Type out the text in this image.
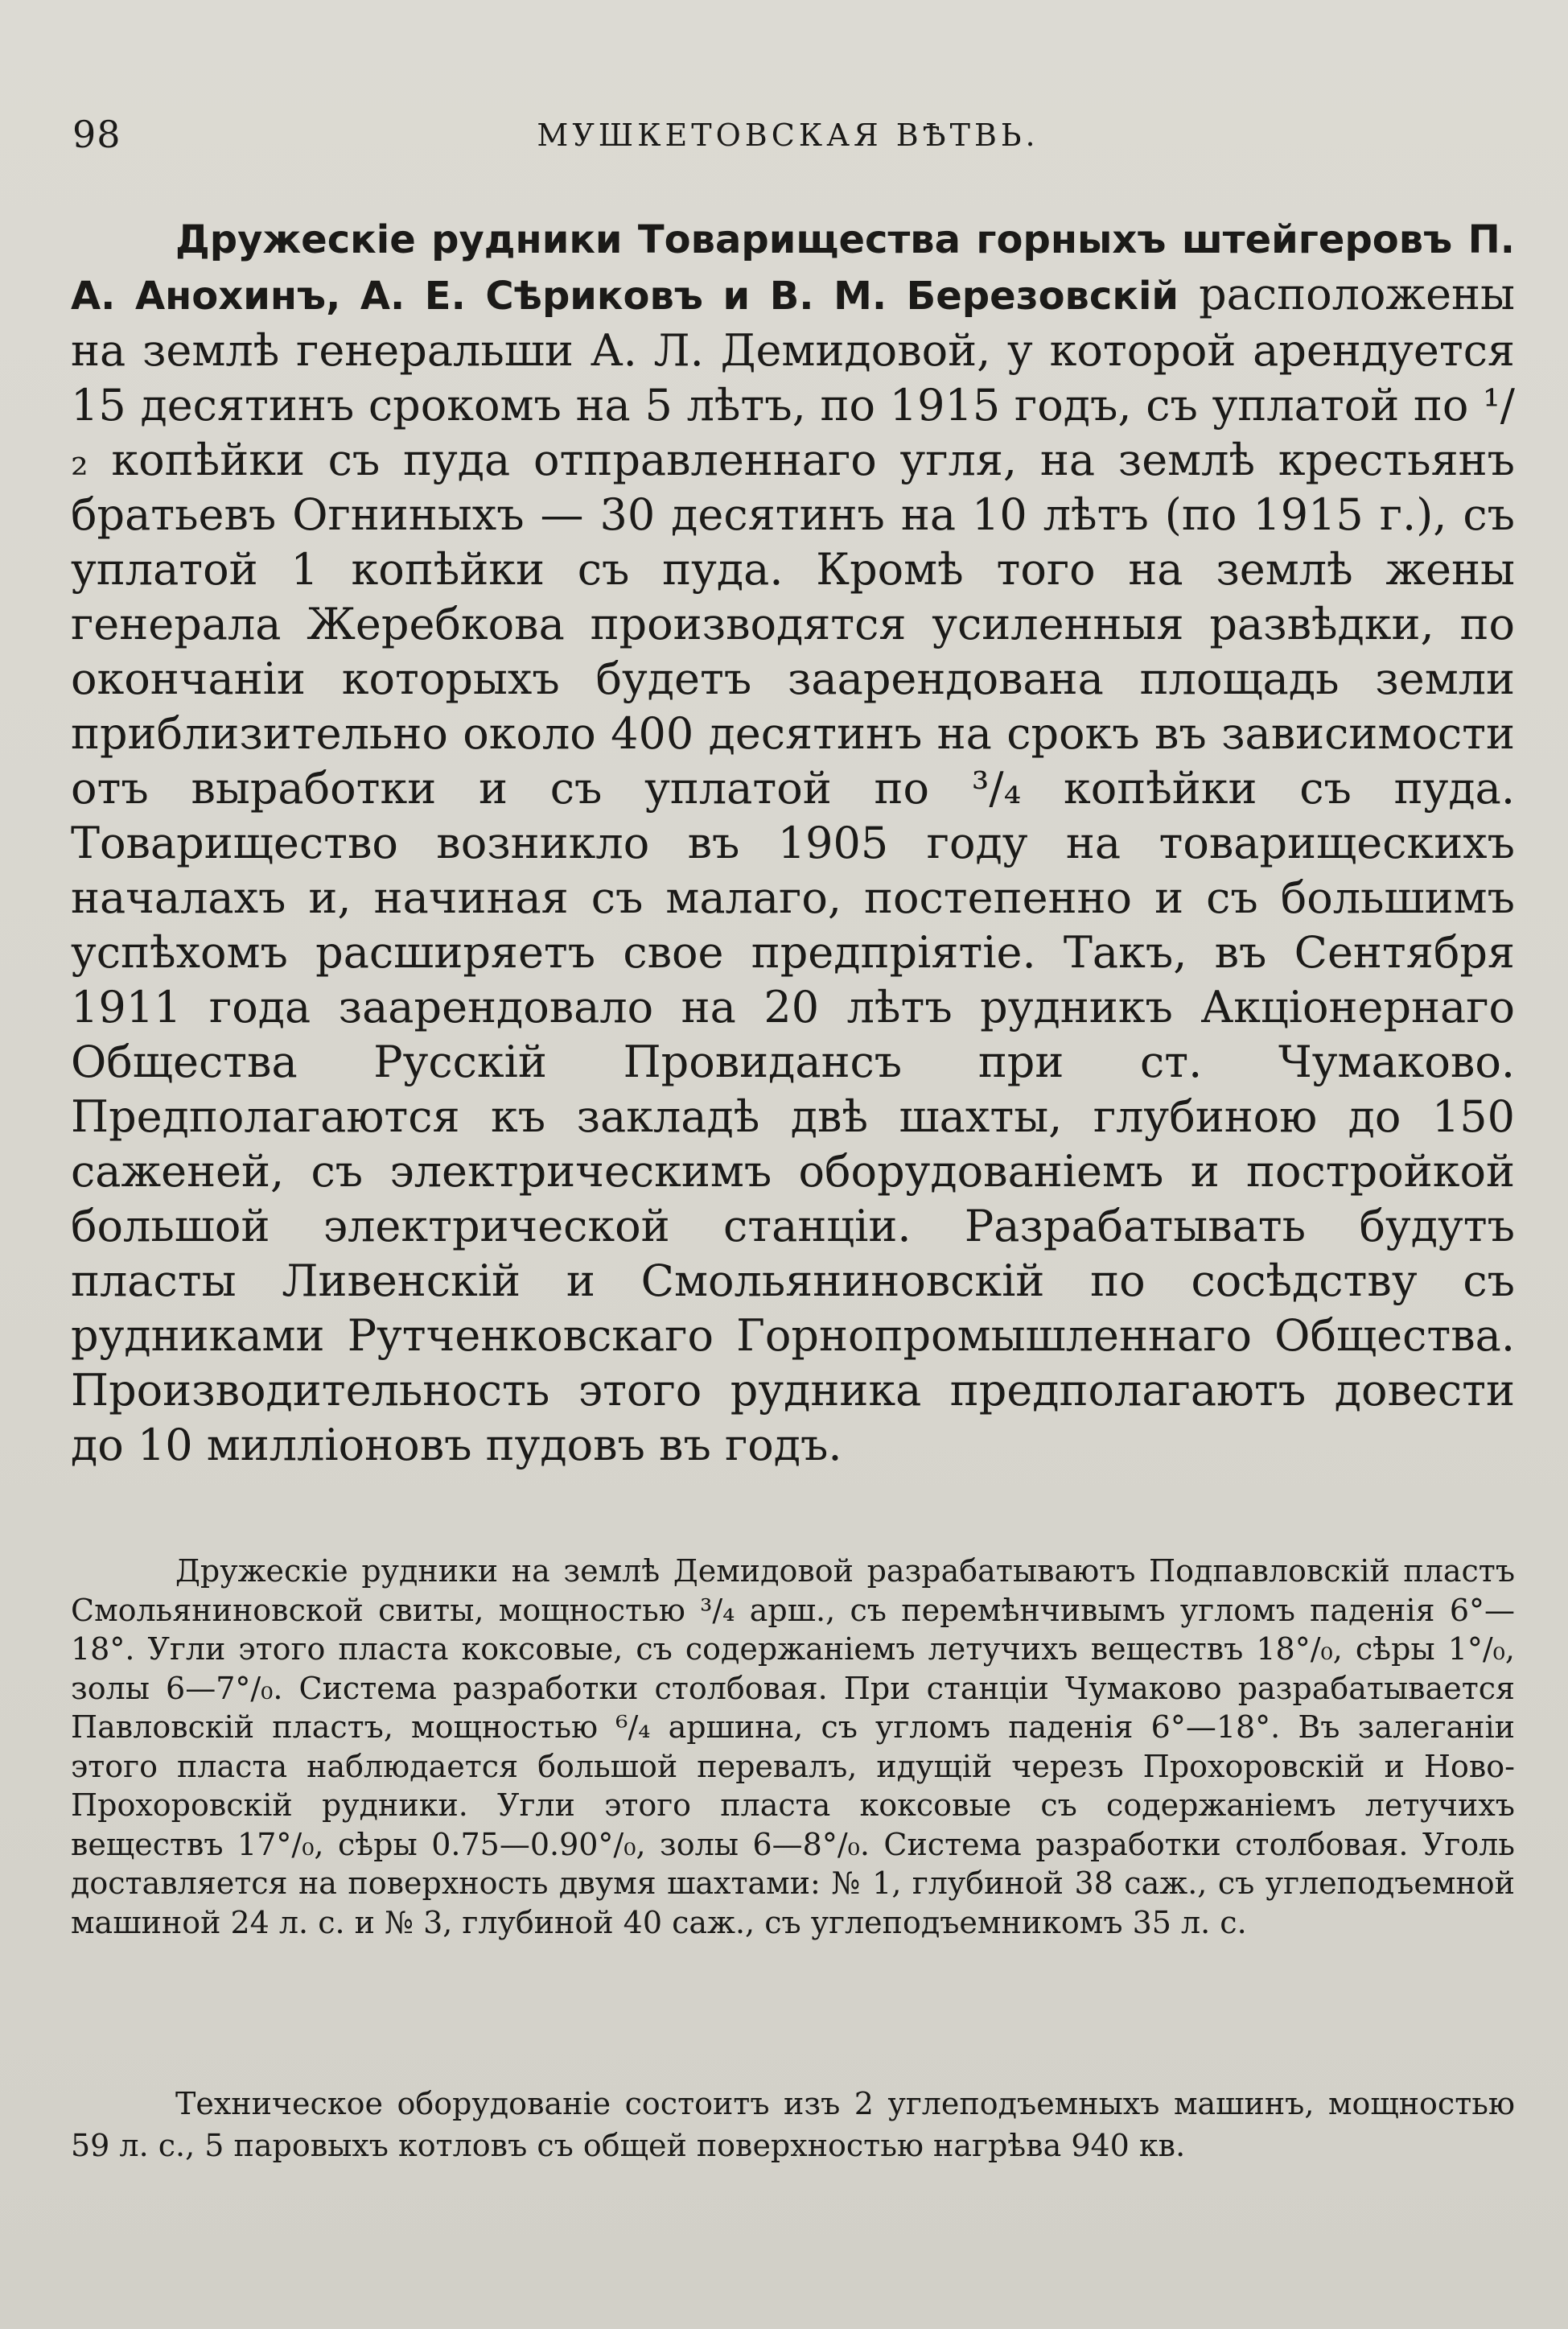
98	МУШКЕТОВСКАЯ ВѢТВЬ.

Дружескiе рудники Товарищества горныхъ штейгеровъ П. А. Анохинъ, А. Е. Сѣриковъ и В. М. Березовскiй расположены на землѣ генеральши А. Л. Демидовой, у которой арендуется 15 десятинъ срокомъ на 5 лѣтъ, по 1915 годъ, съ уплатой по ¹/₂ копѣйки съ пуда отправленнаго угля, на землѣ крестьянъ братьевъ Огниныхъ — 30 десятинъ на 10 лѣтъ (по 1915 г.), съ уплатой 1 копѣйки съ пуда. Кромѣ того на землѣ жены генерала Жеребкова производятся усиленныя развѣдки, по окончанiи которыхъ будетъ заарендована площадь земли приблизительно около 400 десятинъ на срокъ въ зависимости отъ выработки и съ уплатой по ³/₄ копѣйки съ пуда. Товарищество возникло въ 1905 году на товарищескихъ началахъ и, начиная съ малаго, постепенно и съ большимъ успѣхомъ расширяетъ свое предпрiятiе. Такъ, въ Сентября 1911 года заарендовало на 20 лѣтъ рудникъ Акцiонернаго Общества Русскiй Провидансъ при ст. Чумаково. Предполагаются къ закладѣ двѣ шахты, глубиною до 150 саженей, съ электрическимъ оборудованiемъ и постройкой большой электрической станцiи. Разрабатывать будутъ пласты Ливенскiй и Смольяниновскiй по сосѣдству съ рудниками Рутченковскаго Горнопромышленнаго Общества. Производительность этого рудника предполагаютъ довести до 10 миллiоновъ пудовъ въ годъ.

Дружескiе рудники на землѣ Демидовой разрабатываютъ Подпавловскiй пластъ Смольяниновской свиты, мощностью ³/₄ арш., съ перемѣнчивымъ угломъ паденiя 6°—18°. Угли этого пласта коксовые, съ содержанiемъ летучихъ веществъ 18°/₀, сѣры 1°/₀, золы 6—7°/₀. Система разработки столбовая. При станцiи Чумаково разрабатывается Павловскiй пластъ, мощностью ⁶/₄ аршина, съ угломъ паденiя 6°—18°. Въ залеганiи этого пласта наблюдается большой перевалъ, идущiй черезъ Прохоровскiй и Ново-Прохоровскiй рудники. Угли этого пласта коксовые съ содержанiемъ летучихъ веществъ 17°/₀, сѣры 0.75—0.90°/₀, золы 6—8°/₀. Система разработки столбовая. Уголь доставляется на поверхность двумя шахтами: № 1, глубиной 38 саж., съ углеподъемной машиной 24 л. с. и № 3, глубиной 40 саж., съ углеподъемникомъ 35 л. с.

Техническое оборудованiе состоитъ изъ 2 углеподъемныхъ машинъ, мощностью 59 л. с., 5 паровыхъ котловъ съ общей поверхностью нагрѣва 940 кв.
